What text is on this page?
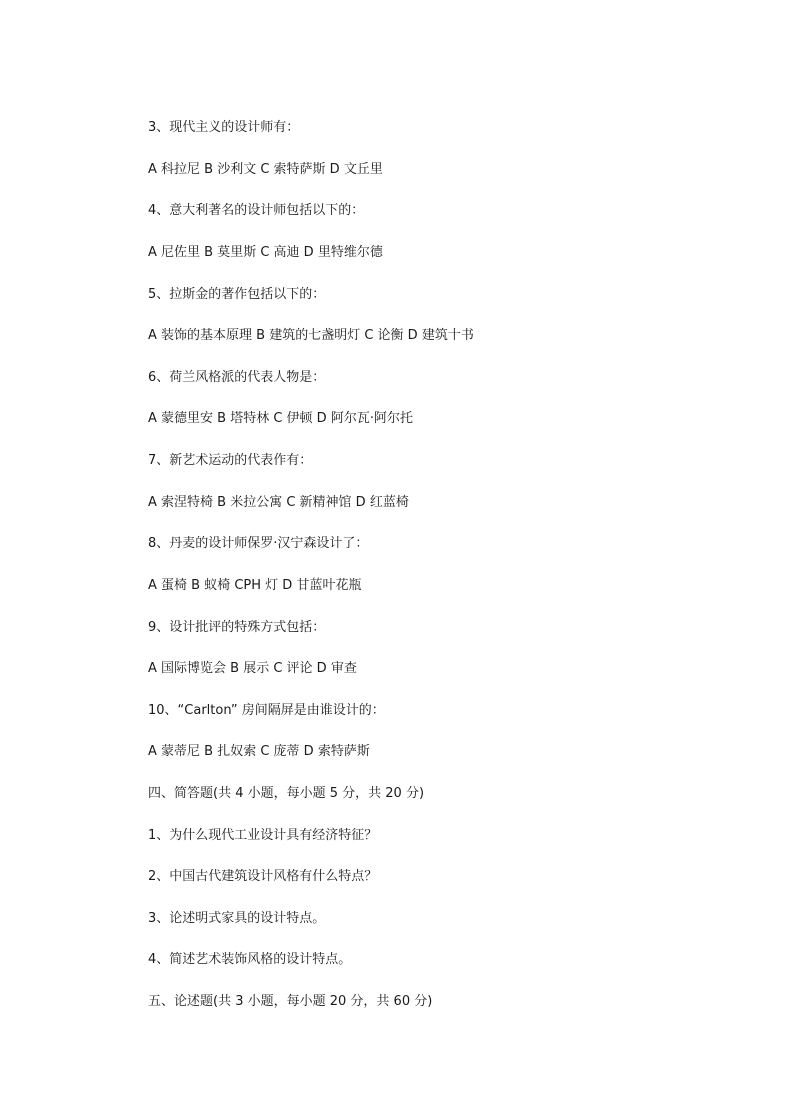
3、现代主义的设计师有：
A 科拉尼 B 沙利文 C 索特萨斯 D 文丘里
4、意大利著名的设计师包括以下的：
A 尼佐里 B 莫里斯 C 高迪 D 里特维尔德
5、拉斯金的著作包括以下的：
A 装饰的基本原理 B 建筑的七盏明灯 C 论衡 D 建筑十书
6、荷兰风格派的代表人物是：
A 蒙德里安 B 塔特林 C 伊顿 D 阿尔瓦·阿尔托
7、新艺术运动的代表作有：
A 索涅特椅 B 米拉公寓 C 新精神馆 D 红蓝椅
8、丹麦的设计师保罗·汉宁森设计了：
A 蛋椅 B 蚁椅 CPH 灯 D 甘蓝叶花瓶
9、设计批评的特殊方式包括：
A 国际博览会 B 展示 C 评论 D 审查
10、“Carlton” 房间隔屏是由谁设计的：
A 蒙蒂尼 B 扎奴索 C 庞蒂 D 索特萨斯
四、简答题(共 4 小题，每小题 5 分，共 20 分)
1、为什么现代工业设计具有经济特征？
2、中国古代建筑设计风格有什么特点？
3、论述明式家具的设计特点。
4、简述艺术装饰风格的设计特点。
五、论述题(共 3 小题，每小题 20 分，共 60 分)
